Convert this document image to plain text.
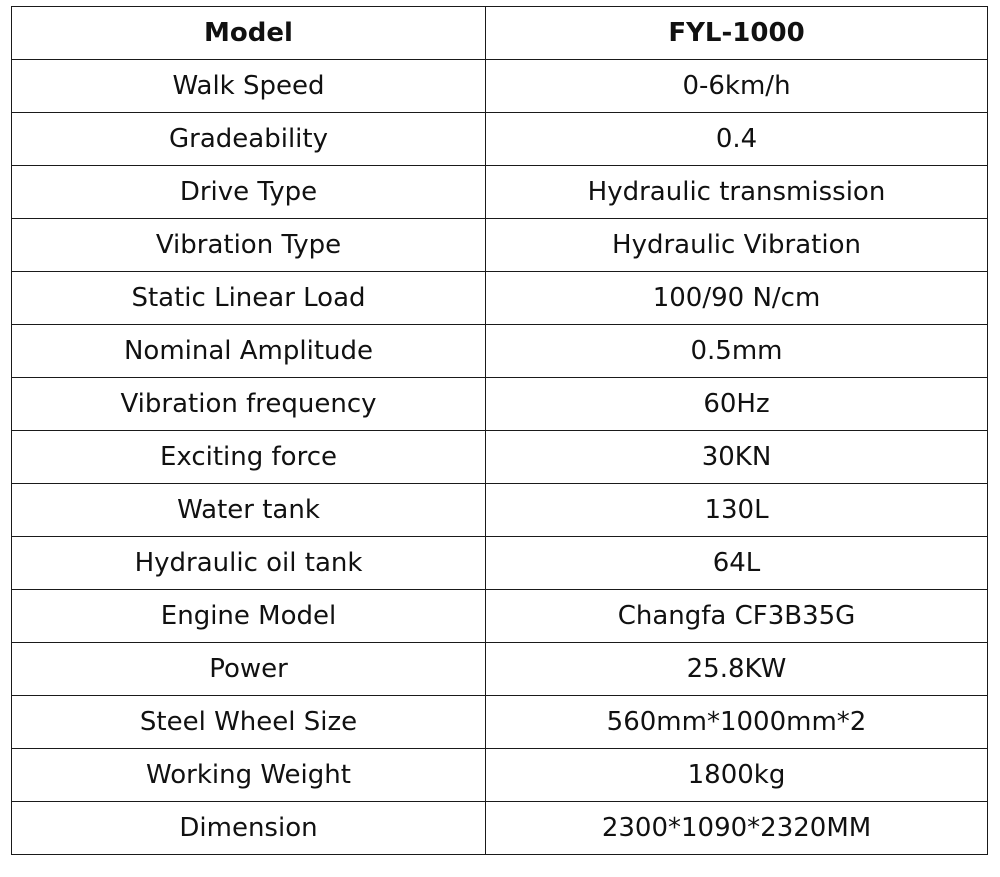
Model	FYL-1000
Walk Speed	0-6km/h
Gradeability	0.4
Drive Type	Hydraulic transmission
Vibration Type	Hydraulic Vibration
Static Linear Load	100/90 N/cm
Nominal Amplitude	0.5mm
Vibration frequency	60Hz
Exciting force	30KN
Water tank	130L
Hydraulic oil tank	64L
Engine Model	Changfa CF3B35G
Power	25.8KW
Steel Wheel Size	560mm*1000mm*2
Working Weight	1800kg
Dimension	2300*1090*2320MM
